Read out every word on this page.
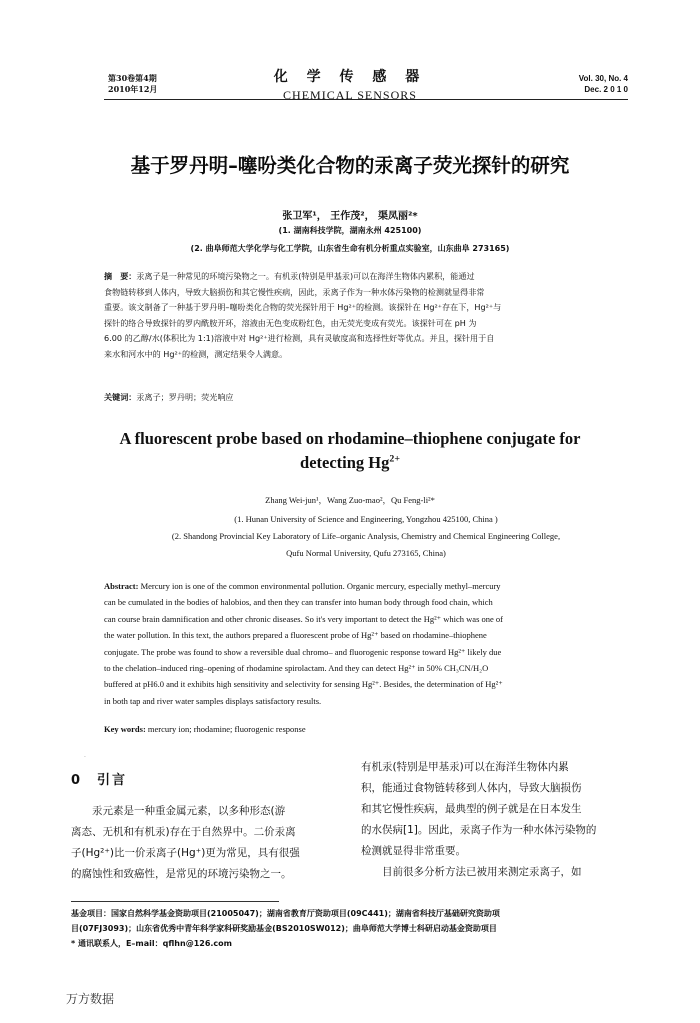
第30卷第4期
2010年12月
化 学 传 感 器
CHEMICAL SENSORS
Vol. 30, No. 4
Dec. 2 0 1 0
基于罗丹明–噻吩类化合物的汞离子荧光探针的研究
张卫军¹， 王作茂²， 渠凤丽²*
(1. 湖南科技学院，湖南永州 425100)
(2. 曲阜师范大学化学与化工学院，山东省生命有机分析重点实验室，山东曲阜 273165)
摘　要：汞离子是一种常见的环境污染物之一。有机汞(特别是甲基汞)可以在海洋生物体内累积，能通过
食物链转移到人体内，导致大脑损伤和其它慢性疾病，因此，汞离子作为一种水体污染物的检测就显得非常
重要。该文制备了一种基于罗丹明–噻吩类化合物的荧光探针用于 Hg²⁺的检测。该探针在 Hg²⁺存在下，Hg²⁺与
探针的络合导致探针的罗内酰胺开环，溶液由无色变成粉红色，由无荧光变成有荧光。该探针可在 pH 为
6.00 的乙醇/水(体积比为 1:1)溶液中对 Hg²⁺进行检测，具有灵敏度高和选择性好等优点。并且，探针用于自
来水和河水中的 Hg²⁺的检测，测定结果令人满意。
关键词：汞离子；罗丹明；荧光响应
A fluorescent probe based on rhodamine–thiophene conjugate for
detecting $Hg^{2+}$
Zhang Wei-jun¹，Wang Zuo-mao²，Qu Feng-li²*
(1. Hunan University of Science and Engineering, Yongzhou 425100, China )
(2. Shandong Provincial Key Laboratory of Life–organic Analysis, Chemistry and Chemical Engineering College,
Qufu Normal University, Qufu 273165, China)
Abstract: Mercury ion is one of the common environmental pollution. Organic mercury, especially methyl–mercury
can be cumulated in the bodies of halobios, and then they can transfer into human body through food chain, which
can course brain damnification and other chronic diseases. So it's very important to detect the Hg²⁺ which was one of
the water pollution. In this text, the authors prepared a fluorescent probe of Hg²⁺ based on rhodamine–thiophene
conjugate. The probe was found to show a reversible dual chromo– and fluorogenic response toward Hg²⁺ likely due
to the chelation–induced ring–opening of rhodamine spirolactam. And they can detect Hg²⁺ in 50% CH₃CN/H₂O
buffered at pH6.0 and it exhibits high sensitivity and selectivity for sensing Hg²⁺. Besides, the determination of Hg²⁺
in both tap and river water samples displays satisfactory results.
Key words: mercury ion; rhodamine; fluorogenic response
.
0　引言
汞元素是一种重金属元素，以多种形态(游
离态、无机和有机汞)存在于自然界中。二价汞离
子(Hg²⁺)比一价汞离子(Hg⁺)更为常见，具有很强
的腐蚀性和致癌性，是常见的环境污染物之一。
有机汞(特别是甲基汞)可以在海洋生物体内累
积，能通过食物链转移到人体内，导致大脑损伤
和其它慢性疾病，最典型的例子就是在日本发生
的水俣病[1]。因此，汞离子作为一种水体污染物的
检测就显得非常重要。
目前很多分析方法已被用来测定汞离子，如
基金项目：国家自然科学基金资助项目(21005047)；湖南省教育厅资助项目(09C441)；湖南省科技厅基础研究资助项
目(07FJ3093)；山东省优秀中青年科学家科研奖励基金(BS2010SW012)；曲阜师范大学博士科研启动基金资助项目
* 通讯联系人，E–mail：qflhn@126.com
万方数据
